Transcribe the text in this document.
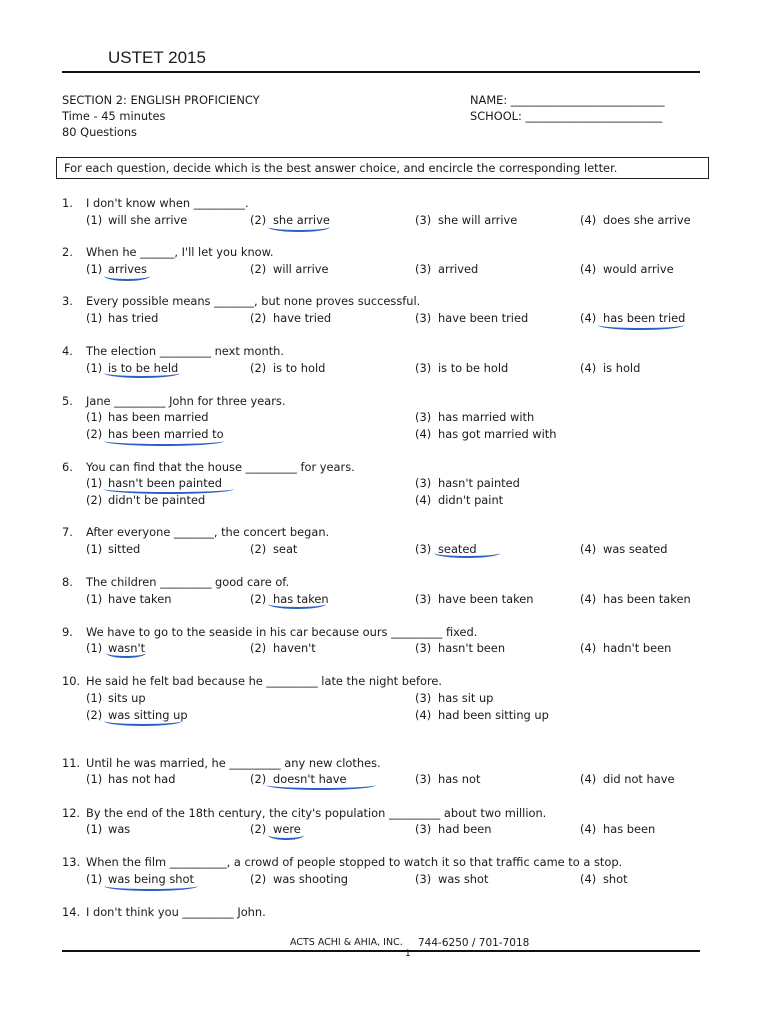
USTET 2015
SECTION 2: ENGLISH PROFICIENCY
Time - 45 minutes
80 Questions
NAME: ___________________________
SCHOOL: ________________________
For each question, decide which is the best answer choice, and encircle the corresponding letter.
1. I don't know when _________.
(1) will she arrive	(2) she arrive	(3) she will arrive	(4) does she arrive
2. When he ______, I'll let you know.
(1) arrives	(2) will arrive	(3) arrived	(4) would arrive
3. Every possible means _______, but none proves successful.
(1) has tried	(2) have tried	(3) have been tried	(4) has been tried
4. The election _________ next month.
(1) is to be held	(2) is to hold	(3) is to be hold	(4) is hold
5. Jane _________ John for three years.
(1) has been married	(3) has married with
(2) has been married to	(4) has got married with
6. You can find that the house _________ for years.
(1) hasn't been painted	(3) hasn't painted
(2) didn't be painted	(4) didn't paint
7. After everyone _______, the concert began.
(1) sitted	(2) seat	(3) seated	(4) was seated
8. The children _________ good care of.
(1) have taken	(2) has taken	(3) have been taken	(4) has been taken
9. We have to go to the seaside in his car because ours _________ fixed.
(1) wasn't	(2) haven't	(3) hasn't been	(4) hadn't been
10. He said he felt bad because he _________ late the night before.
(1) sits up	(3) has sit up
(2) was sitting up	(4) had been sitting up
11. Until he was married, he _________ any new clothes.
(1) has not had	(2) doesn't have	(3) has not	(4) did not have
12. By the end of the 18th century, the city's population _________ about two million.
(1) was	(2) were	(3) had been	(4) has been
13. When the film __________, a crowd of people stopped to watch it so that traffic came to a stop.
(1) was being shot	(2) was shooting	(3) was shot	(4) shot
14. I don't think you _________ John.
ACTS ACHI & AHIA, INC. 744-6250 / 701-7018
1
